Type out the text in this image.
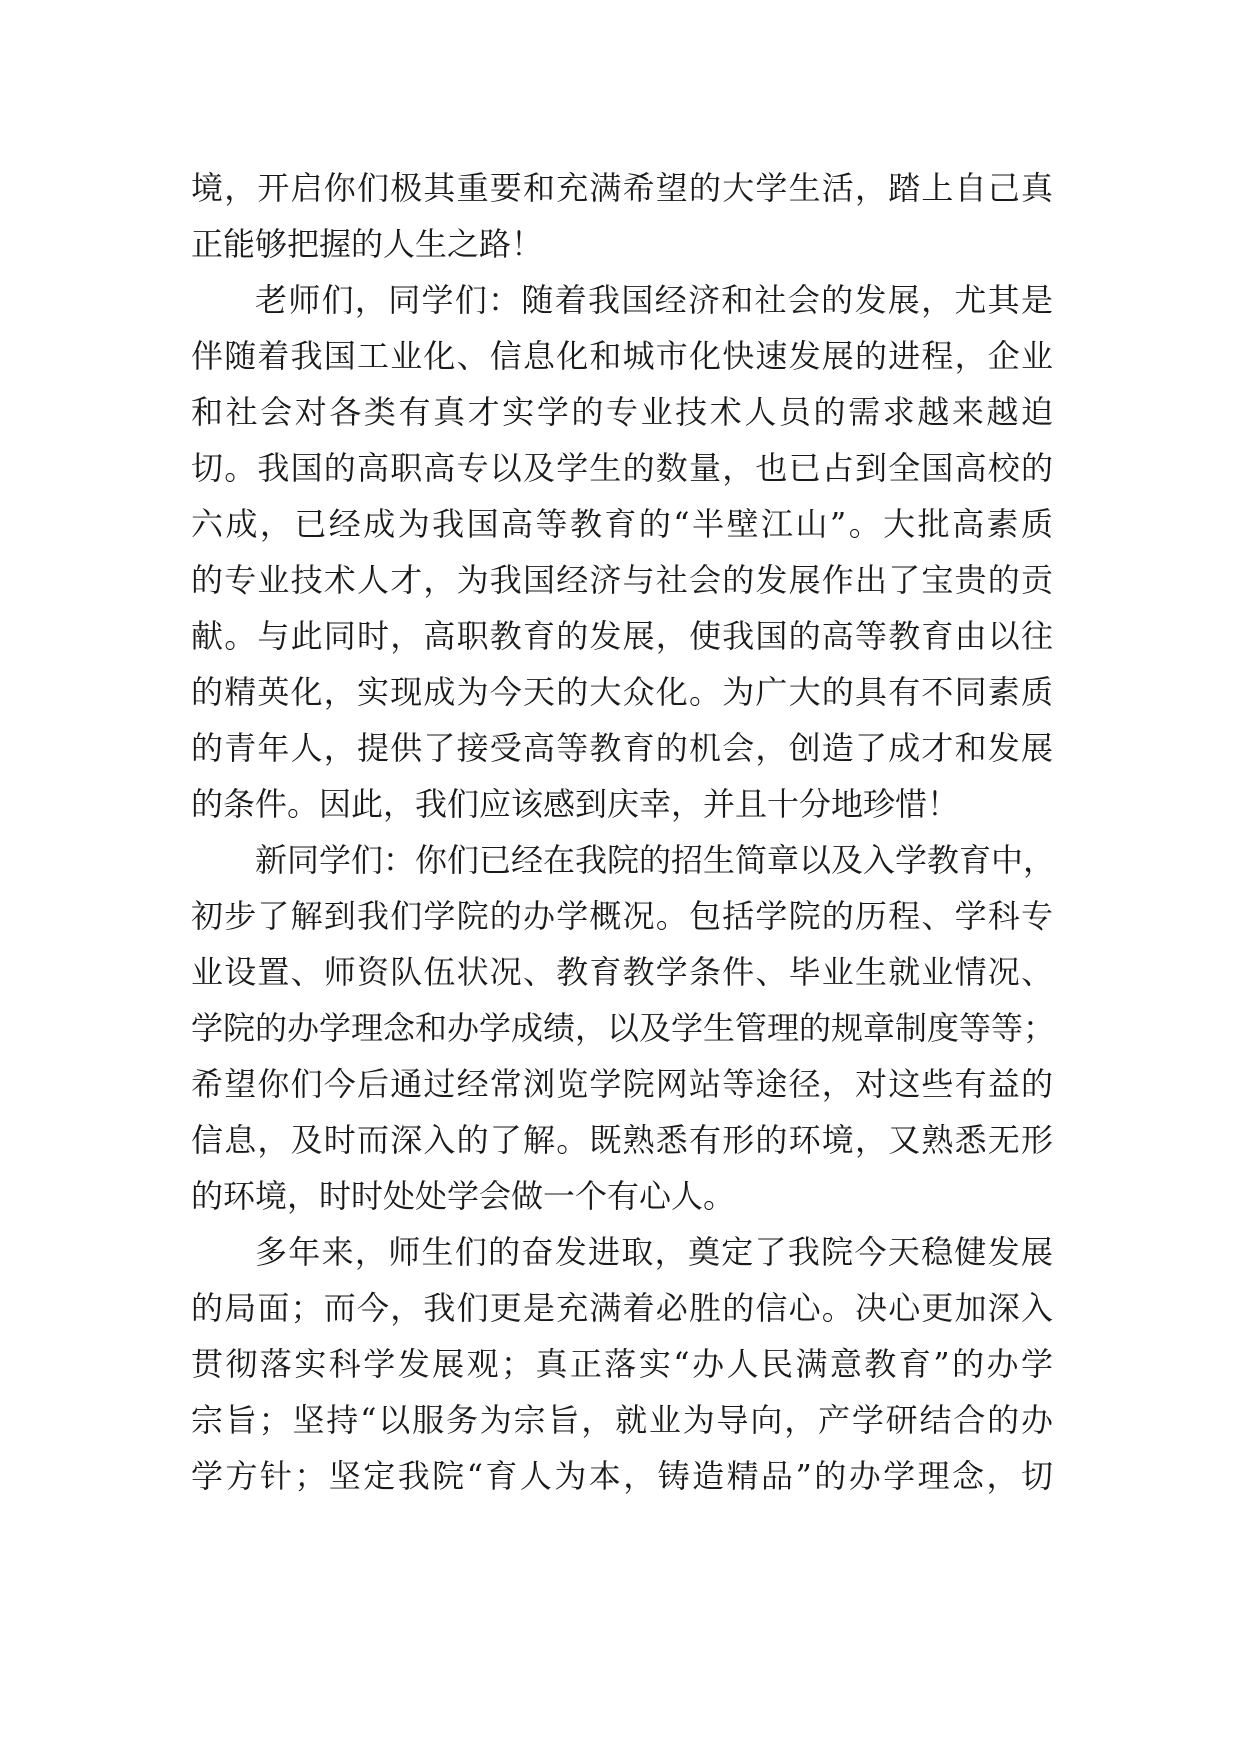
境，开启你们极其重要和充满希望的大学生活，踏上自己真
正能够把握的人生之路！
老师们，同学们：随着我国经济和社会的发展，尤其是
伴随着我国工业化、信息化和城市化快速发展的进程，企业
和社会对各类有真才实学的专业技术人员的需求越来越迫
切。我国的高职高专以及学生的数量，也已占到全国高校的
六成，已经成为我国高等教育的“半壁江山”。大批高素质
的专业技术人才，为我国经济与社会的发展作出了宝贵的贡
献。与此同时，高职教育的发展，使我国的高等教育由以往
的精英化，实现成为今天的大众化。为广大的具有不同素质
的青年人，提供了接受高等教育的机会，创造了成才和发展
的条件。因此，我们应该感到庆幸，并且十分地珍惜！
新同学们：你们已经在我院的招生简章以及入学教育中，
初步了解到我们学院的办学概况。包括学院的历程、学科专
业设置、师资队伍状况、教育教学条件、毕业生就业情况、
学院的办学理念和办学成绩，以及学生管理的规章制度等等；
希望你们今后通过经常浏览学院网站等途径，对这些有益的
信息，及时而深入的了解。既熟悉有形的环境，又熟悉无形
的环境，时时处处学会做一个有心人。
多年来，师生们的奋发进取，奠定了我院今天稳健发展
的局面；而今，我们更是充满着必胜的信心。决心更加深入
贯彻落实科学发展观；真正落实“办人民满意教育”的办学
宗旨；坚持“以服务为宗旨，就业为导向，产学研结合的办
学方针；坚定我院“育人为本，铸造精品”的办学理念，切
